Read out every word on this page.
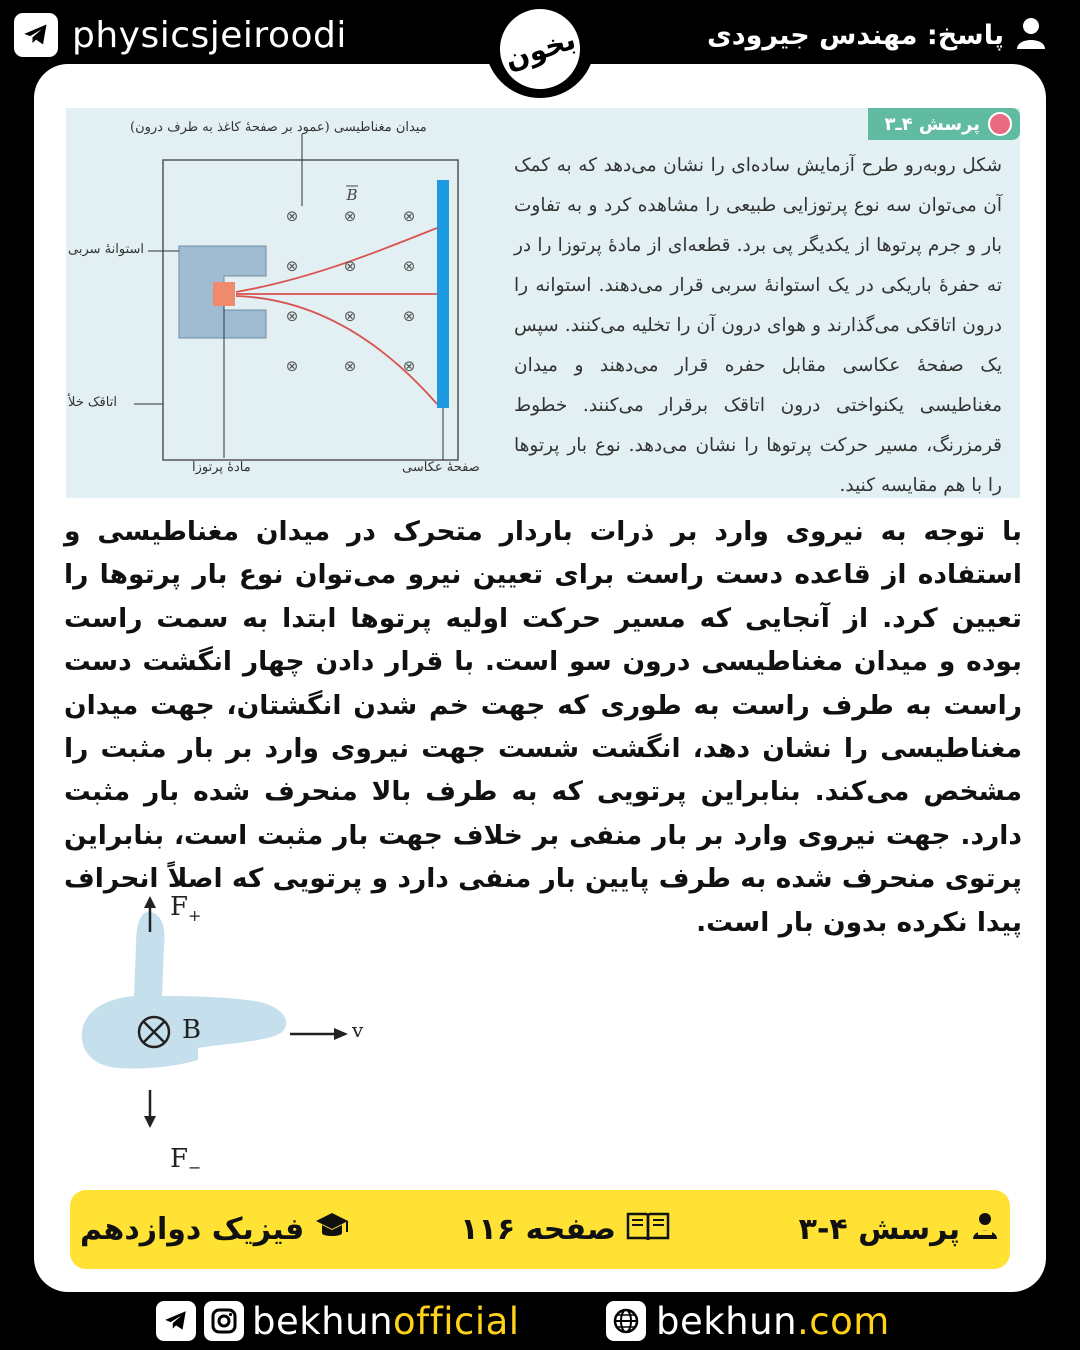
physicsjeiroodi	پاسخ: مهندس جیرودی
بخون
پرسش ۴ـ۳

شکل روبه‌رو طرح آزمایش ساده‌ای را نشان می‌دهد که به کمک آن می‌توان سه نوع پرتوزایی طبیعی را مشاهده کرد و به تفاوت بار و جرم پرتوها از یکدیگر پی برد. قطعه‌ای از مادهٔ پرتوزا را در ته حفرهٔ باریکی در یک استوانهٔ سربی قرار می‌دهند. استوانه را درون اتاقکی می‌گذارند و هوای درون آن را تخلیه می‌کنند. سپس یک صفحهٔ عکاسی مقابل حفره قرار می‌دهند و میدان مغناطیسی یکنواختی درون اتاقک برقرار می‌کنند. خطوط قرمزرنگ، مسیر حرکت پرتوها را نشان می‌دهد. نوع بار پرتوها را با هم مقایسه کنید.

⊗	⊗	⊗
⊗	⊗	⊗
⊗	⊗	⊗
⊗	⊗	⊗
B
میدان مغناطیسی (عمود بر صفحهٔ کاغذ به طرف درون)
استوانهٔ سربی
اتاقک خلأ
مادهٔ پرتوزا	صفحهٔ عکاسی

با توجه به نیروی وارد بر ذرات باردار متحرک در میدان مغناطیسی و استفاده از قاعده دست راست برای تعیین نیرو می‌توان نوع بار پرتوها را تعیین کرد. از آنجایی که مسیر حرکت اولیه پرتوها ابتدا به سمت راست بوده و میدان مغناطیسی درون سو است. با قرار دادن چهار انگشت دست راست به طرف راست به طوری که جهت خم شدن انگشتان، جهت میدان مغناطیسی را نشان دهد، انگشت شست جهت نیروی وارد بر بار مثبت را مشخص می‌کند. بنابراین پرتویی که به طرف بالا منحرف شده بار مثبت دارد. جهت نیروی وارد بر بار منفی بر خلاف جهت بار مثبت است، بنابراین پرتوی منحرف شده به طرف پایین بار منفی دارد و پرتویی که اصلاً انحراف پیدا نکرده بدون بار است.

$F_+$
$F_-$
B	v
پرسش ۴-۳
صفحه ۱۱۶
فیزیک دوازدهم
bekhunofficial	bekhun.com
